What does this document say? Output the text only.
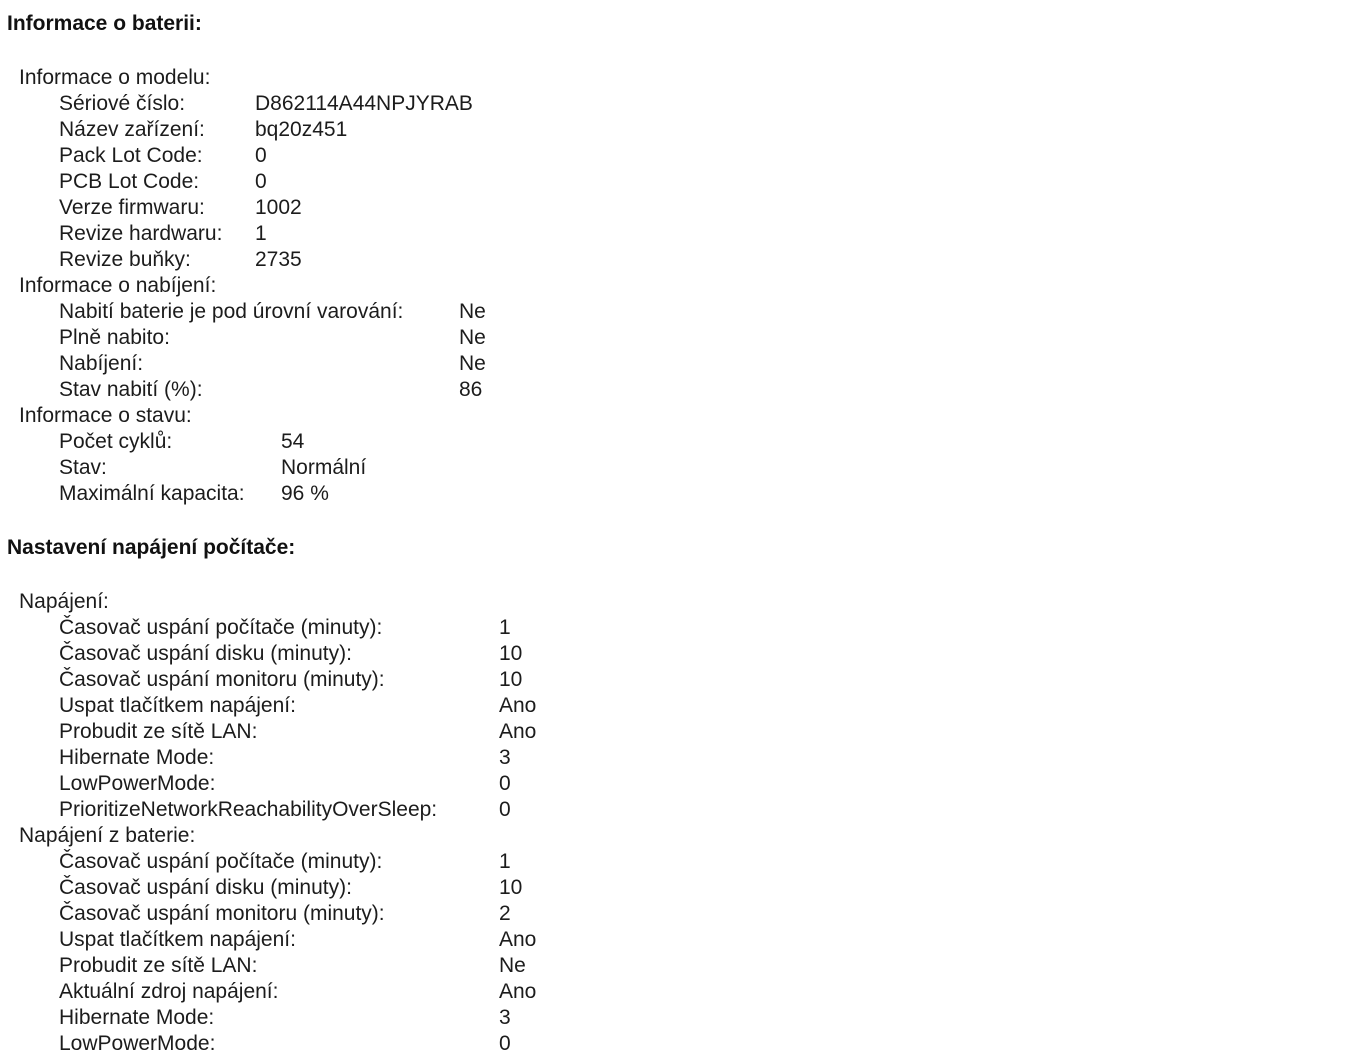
Informace o baterii:
Informace o modelu:
Sériové číslo:	D862114A44NPJYRAB
Název zařízení: bq20z451
Pack Lot Code: 0
PCB Lot Code:	0
Verze firmwaru: 1002
Revize hardwaru: 1
Revize buňky:	2735
Informace o nabíjení:
Nabití baterie je pod úrovní varování:	Ne
Plně nabito:	Ne
Nabíjení:	Ne
Stav nabití (%):	86
Informace o stavu:
Počet cyklů:	54
Stav:	Normální
Maximální kapacita: 96 %
Nastavení napájení počítače:
Napájení:
Časovač uspání počítače (minuty):	1
Časovač uspání disku (minuty):	10
Časovač uspání monitoru (minuty):	10
Uspat tlačítkem napájení:	Ano
Probudit ze sítě LAN:	Ano
Hibernate Mode:	3
LowPowerMode:	0
PrioritizeNetworkReachabilityOverSleep:	0
Napájení z baterie:
Časovač uspání počítače (minuty):	1
Časovač uspání disku (minuty):	10
Časovač uspání monitoru (minuty):	2
Uspat tlačítkem napájení:	Ano
Probudit ze sítě LAN:	Ne
Aktuální zdroj napájení:	Ano
Hibernate Mode:	3
LowPowerMode:	0
